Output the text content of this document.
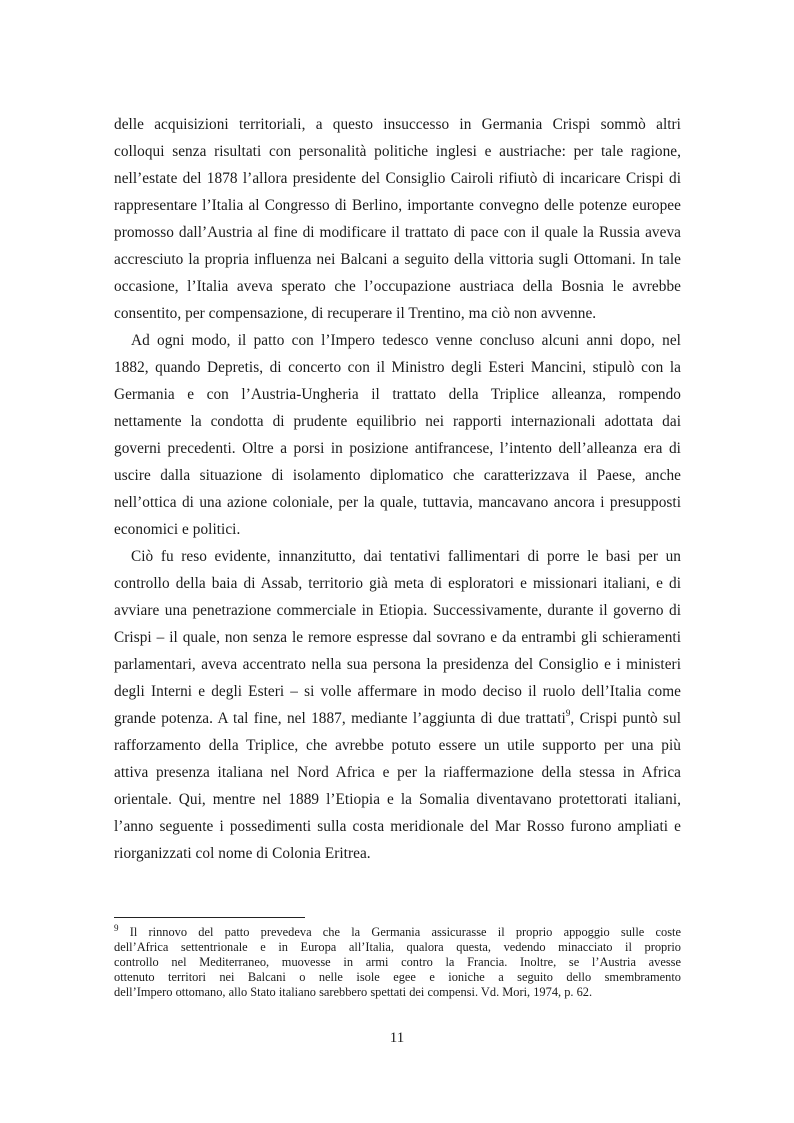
delle acquisizioni territoriali, a questo insuccesso in Germania Crispi sommò altri
colloqui senza risultati con personalità politiche inglesi e austriache: per tale ragione,
nell’estate del 1878 l’allora presidente del Consiglio Cairoli rifiutò di incaricare Crispi di
rappresentare l’Italia al Congresso di Berlino, importante convegno delle potenze europee
promosso dall’Austria al fine di modificare il trattato di pace con il quale la Russia aveva
accresciuto la propria influenza nei Balcani a seguito della vittoria sugli Ottomani. In tale
occasione, l’Italia aveva sperato che l’occupazione austriaca della Bosnia le avrebbe
consentito, per compensazione, di recuperare il Trentino, ma ciò non avvenne.
Ad ogni modo, il patto con l’Impero tedesco venne concluso alcuni anni dopo, nel
1882, quando Depretis, di concerto con il Ministro degli Esteri Mancini, stipulò con la
Germania e con l’Austria-Ungheria il trattato della Triplice alleanza, rompendo
nettamente la condotta di prudente equilibrio nei rapporti internazionali adottata dai
governi precedenti. Oltre a porsi in posizione antifrancese, l’intento dell’alleanza era di
uscire dalla situazione di isolamento diplomatico che caratterizzava il Paese, anche
nell’ottica di una azione coloniale, per la quale, tuttavia, mancavano ancora i presupposti
economici e politici.
Ciò fu reso evidente, innanzitutto, dai tentativi fallimentari di porre le basi per un
controllo della baia di Assab, territorio già meta di esploratori e missionari italiani, e di
avviare una penetrazione commerciale in Etiopia. Successivamente, durante il governo di
Crispi – il quale, non senza le remore espresse dal sovrano e da entrambi gli schieramenti
parlamentari, aveva accentrato nella sua persona la presidenza del Consiglio e i ministeri
degli Interni e degli Esteri – si volle affermare in modo deciso il ruolo dell’Italia come
grande potenza. A tal fine, nel 1887, mediante l’aggiunta di due trattati$^9$, Crispi puntò sul
rafforzamento della Triplice, che avrebbe potuto essere un utile supporto per una più
attiva presenza italiana nel Nord Africa e per la riaffermazione della stessa in Africa
orientale. Qui, mentre nel 1889 l’Etiopia e la Somalia diventavano protettorati italiani,
l’anno seguente i possedimenti sulla costa meridionale del Mar Rosso furono ampliati e
riorganizzati col nome di Colonia Eritrea.
$^9$ Il rinnovo del patto prevedeva che la Germania assicurasse il proprio appoggio sulle coste
dell’Africa settentrionale e in Europa all’Italia, qualora questa, vedendo minacciato il proprio
controllo nel Mediterraneo, muovesse in armi contro la Francia. Inoltre, se l’Austria avesse
ottenuto territori nei Balcani o nelle isole egee e ioniche a seguito dello smembramento
dell’Impero ottomano, allo Stato italiano sarebbero spettati dei compensi. Vd. Mori, 1974, p. 62.
11
